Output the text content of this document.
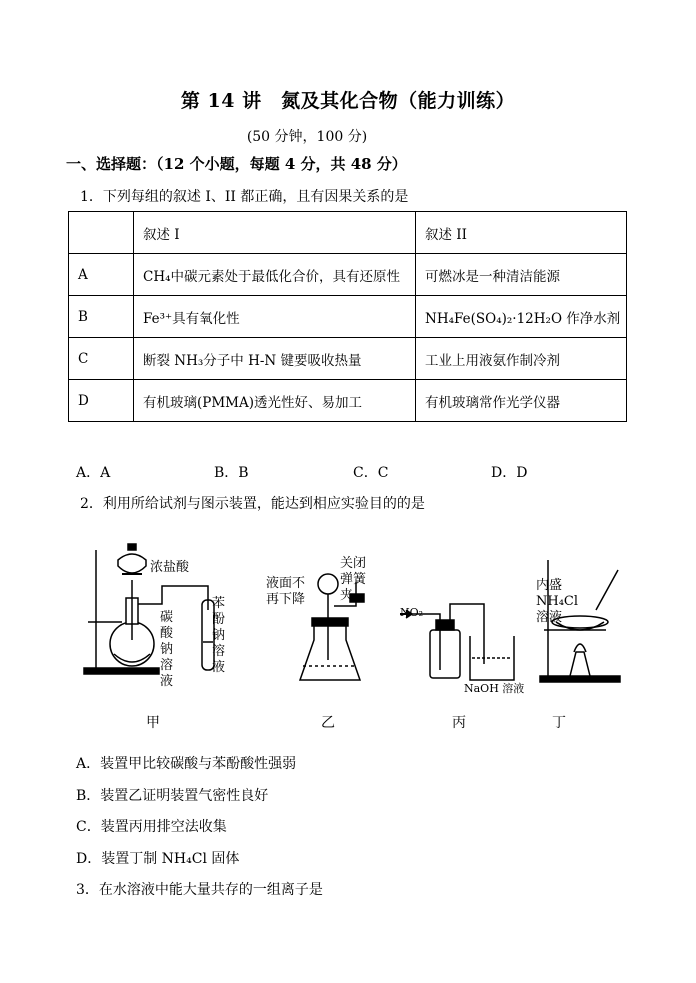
第 14 讲　氮及其化合物（能力训练）
(50 分钟，100 分)
一、选择题：（12 个小题，每题 4 分，共 48 分）
1．下列每组的叙述 I、II 都正确，且有因果关系的是
	叙述 I	叙述 II
A	CH₄中碳元素处于最低化合价，具有还原性	可燃冰是一种清洁能源
B	Fe³⁺具有氧化性	NH₄Fe(SO₄)₂·12H₂O 作净水剂
C	断裂 NH₃分子中 H-N 键要吸收热量	工业上用液氨作制冷剂
D	有机玻璃(PMMA)透光性好、易加工	有机玻璃常作光学仪器
A．A	B．B	C．C	D．D
2．利用所给试剂与图示装置，能达到相应实验目的的是
浓盐酸
碳酸钠溶液
苯酚钠溶液
液面不再下降
关闭弹簧夹
NO₂
NaOH 溶液
内盛NH₄Cl溶液
甲	乙	丙	丁
A．装置甲比较碳酸与苯酚酸性强弱
B．装置乙证明装置气密性良好
C．装置丙用排空法收集
D．装置丁制 NH₄Cl 固体
3．在水溶液中能大量共存的一组离子是
